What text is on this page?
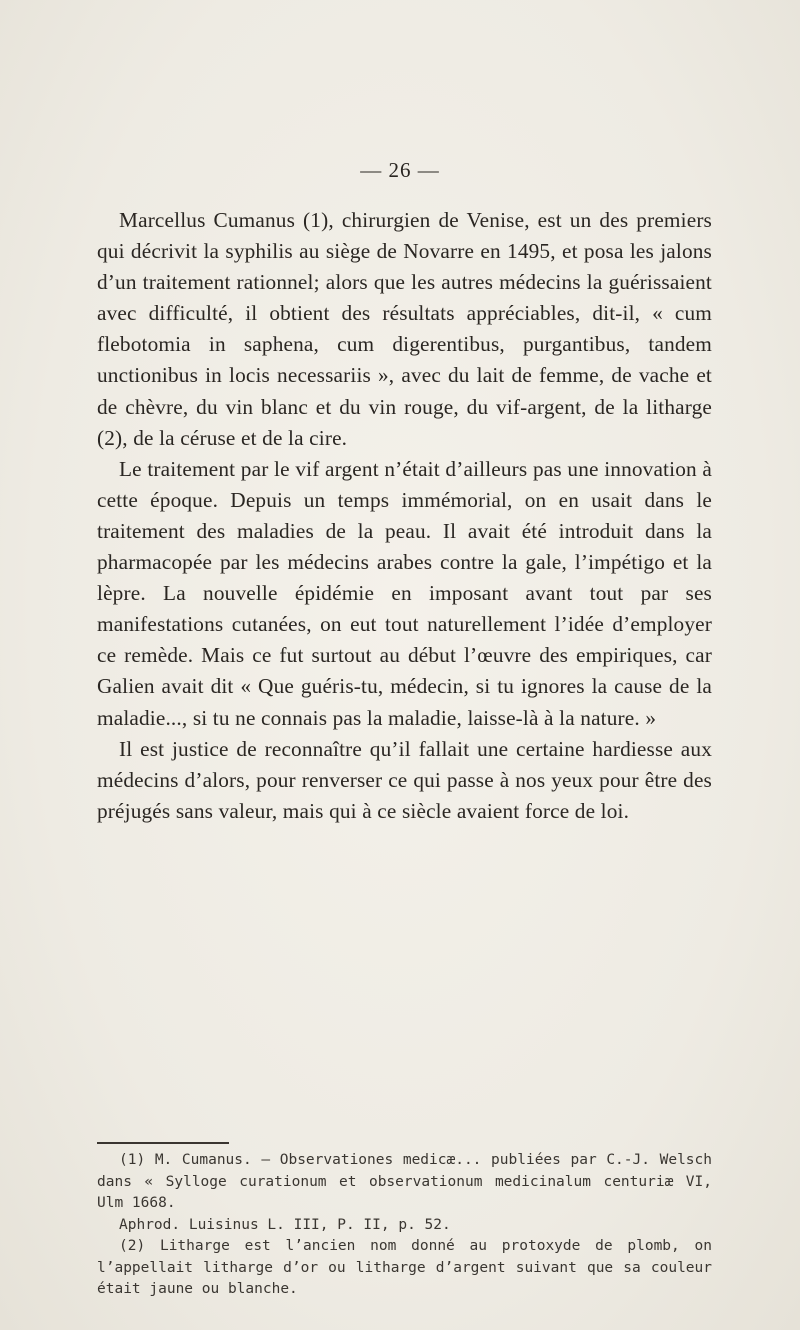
— 26 —

Marcellus Cumanus (1), chirurgien de Venise, est un des premiers qui décrivit la syphilis au siège de Novarre en 1495, et posa les jalons d’un traitement rationnel; alors que les autres médecins la guérissaient avec difficulté, il obtient des résultats appréciables, dit-il, « cum flebotomia in saphena, cum digerentibus, purgantibus, tandem unctionibus in locis necessariis », avec du lait de femme, de vache et de chèvre, du vin blanc et du vin rouge, du vif-argent, de la litharge (2), de la céruse et de la cire.

Le traitement par le vif argent n’était d’ailleurs pas une innovation à cette époque. Depuis un temps immémorial, on en usait dans le traitement des maladies de la peau. Il avait été introduit dans la pharmacopée par les médecins arabes contre la gale, l’impétigo et la lèpre. La nouvelle épidémie en imposant avant tout par ses manifestations cutanées, on eut tout naturellement l’idée d’employer ce remède. Mais ce fut surtout au début l’œuvre des empiriques, car Galien avait dit « Que guéris-tu, médecin, si tu ignores la cause de la maladie..., si tu ne connais pas la maladie, laisse-là à la nature. »

Il est justice de reconnaître qu’il fallait une certaine hardiesse aux médecins d’alors, pour renverser ce qui passe à nos yeux pour être des préjugés sans valeur, mais qui à ce siècle avaient force de loi.

(1) M. Cumanus. — Observationes medicæ... publiées par C.-J. Welsch dans « Sylloge curationum et observationum medicinalum centuriæ VI, Ulm 1668.

Aphrod. Luisinus L. III, P. II, p. 52.

(2) Litharge est l’ancien nom donné au protoxyde de plomb, on l’appellait litharge d’or ou litharge d’argent suivant que sa couleur était jaune ou blanche.
